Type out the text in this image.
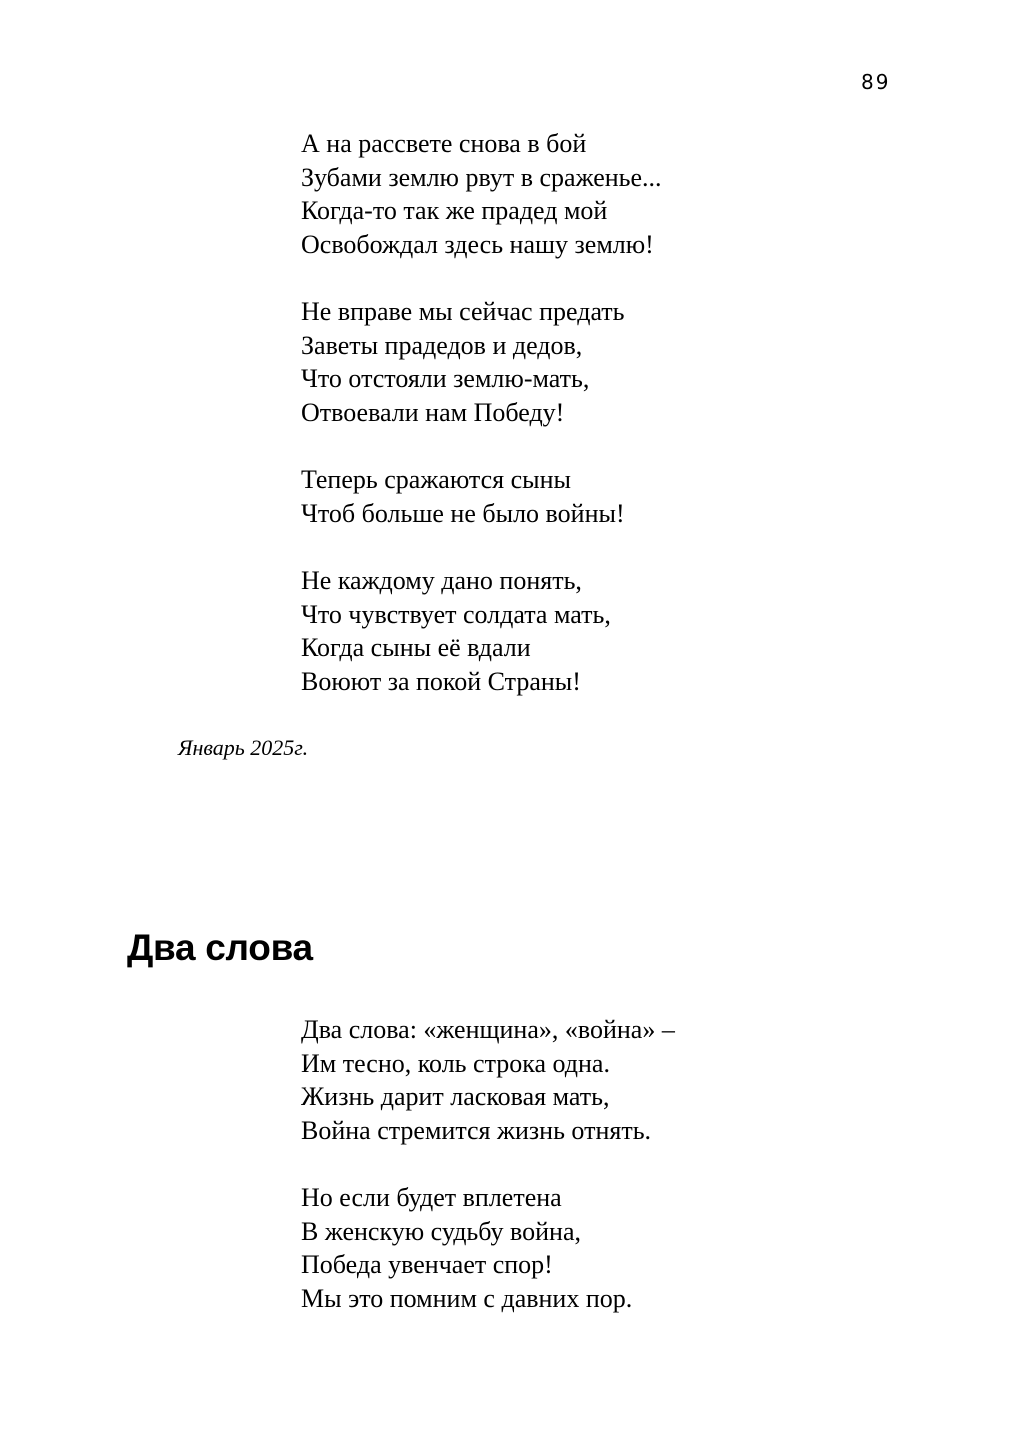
89
А на рассвете снова в бой
Зубами землю рвут в сраженье...
Когда-то так же прадед мой
Освобождал здесь нашу землю!
Не вправе мы сейчас предать
Заветы прадедов и дедов,
Что отстояли землю-мать,
Отвоевали нам Победу!
Теперь сражаются сыны
Чтоб больше не было войны!
Не каждому дано понять,
Что чувствует солдата мать,
Когда сыны её вдали
Воюют за покой Страны!
Январь 2025г.
Два слова
Два слова: «женщина», «война» –
Им тесно, коль строка одна.
Жизнь дарит ласковая мать,
Война стремится жизнь отнять.
Но если будет вплетена
В женскую судьбу война,
Победа увенчает спор!
Мы это помним с давних пор.
